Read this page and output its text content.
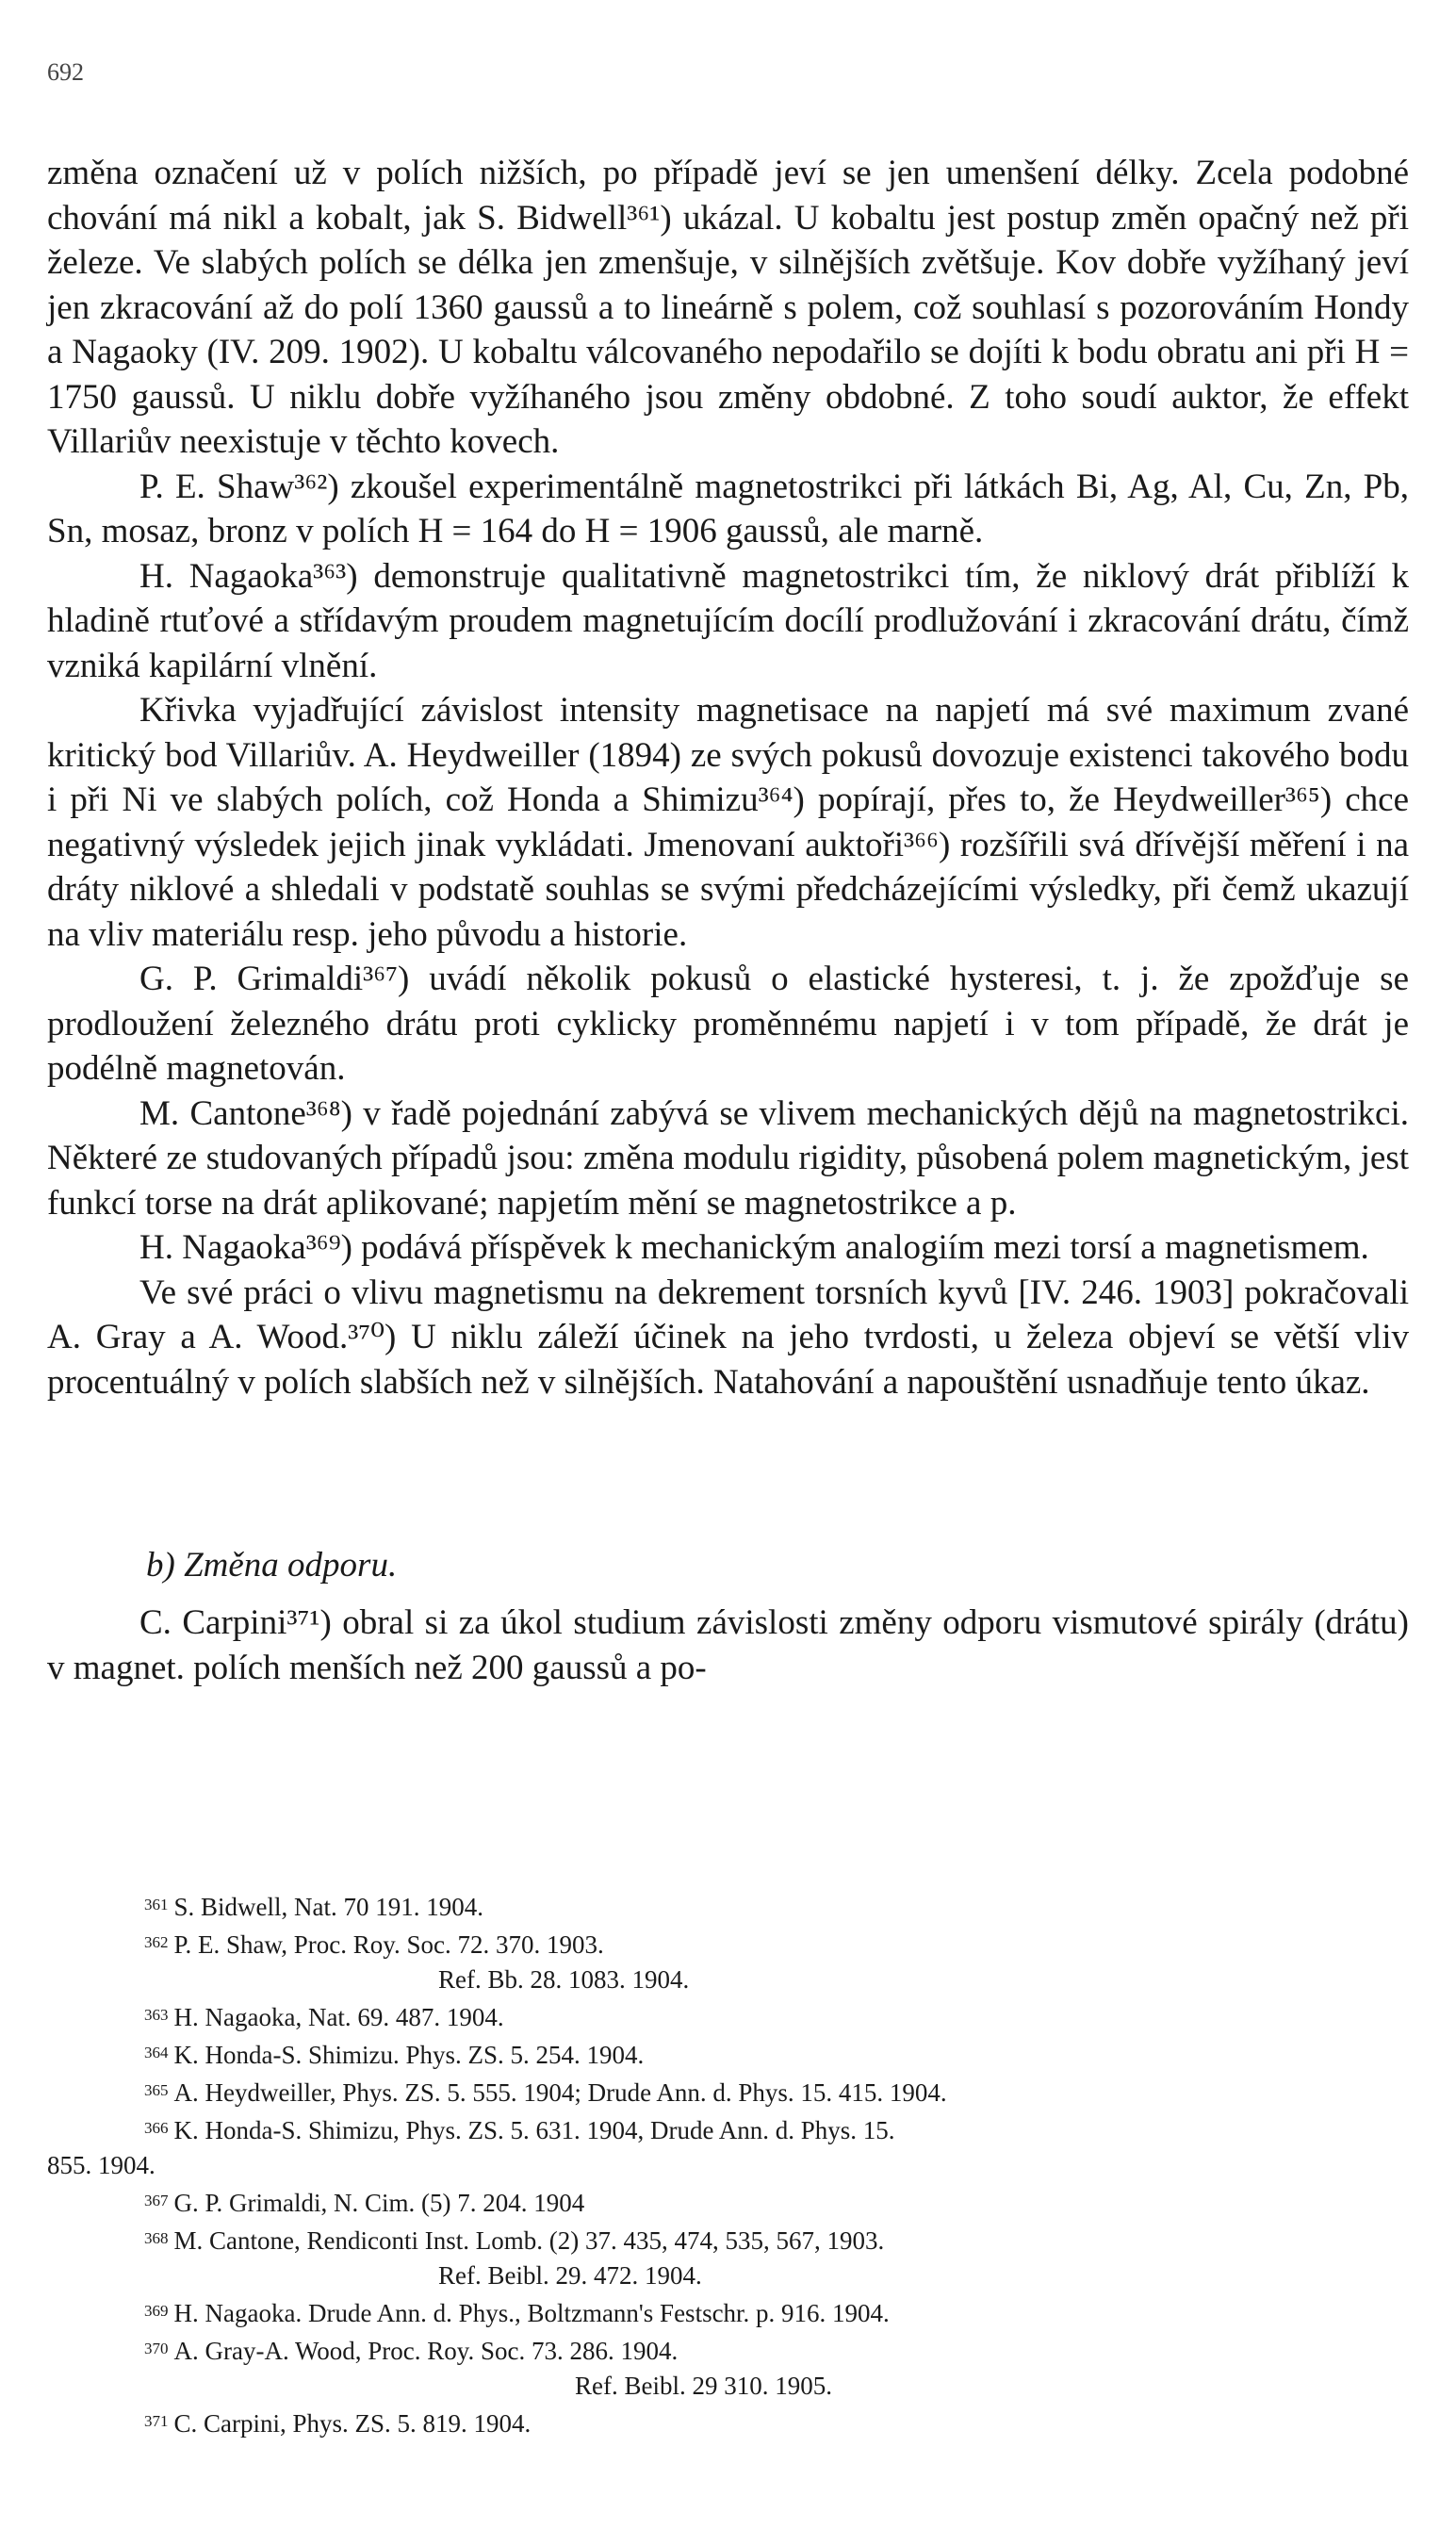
692

změna označení už v polích nižších, po případě jeví se jen umenšení délky. Zcela podobné chování má nikl a kobalt, jak S. Bidwell³⁶¹) ukázal. U kobaltu jest postup změn opačný než při železe. Ve slabých polích se délka jen zmenšuje, v silnějších zvětšuje. Kov dobře vyžíhaný jeví jen zkracování až do polí 1360 gaussů a to lineárně s polem, což souhlasí s pozorováním Hondy a Nagaoky (IV. 209. 1902). U kobaltu válcovaného nepodařilo se dojíti k bodu obratu ani při H = 1750 gaussů. U niklu dobře vyžíhaného jsou změny obdobné. Z toho soudí auktor, že effekt Villariův neexistuje v těchto kovech.

P. E. Shaw³⁶²) zkoušel experimentálně magnetostrikci při látkách Bi, Ag, Al, Cu, Zn, Pb, Sn, mosaz, bronz v polích H = 164 do H = 1906 gaussů, ale marně.

H. Nagaoka³⁶³) demonstruje qualitativně magnetostrikci tím, že niklový drát přiblíží k hladině rtuťové a střídavým proudem magnetujícím docílí prodlužování i zkracování drátu, čímž vzniká kapilární vlnění.

Křivka vyjadřující závislost intensity magnetisace na napjetí má své maximum zvané kritický bod Villariův. A. Heydweiller (1894) ze svých pokusů dovozuje existenci takového bodu i při Ni ve slabých polích, což Honda a Shimizu³⁶⁴) popírají, přes to, že Heydweiller³⁶⁵) chce negativný výsledek jejich jinak vykládati. Jmenovaní auktoři³⁶⁶) rozšířili svá dřívější měření i na dráty niklové a shledali v podstatě souhlas se svými předcházejícími výsledky, při čemž ukazují na vliv materiálu resp. jeho původu a historie.

G. P. Grimaldi³⁶⁷) uvádí několik pokusů o elastické hysteresi, t. j. že zpožďuje se prodloužení železného drátu proti cyklicky proměnnému napjetí i v tom případě, že drát je podélně magnetován.

M. Cantone³⁶⁸) v řadě pojednání zabývá se vlivem mechanických dějů na magnetostrikci. Některé ze studovaných případů jsou: změna modulu rigidity, působená polem magnetickým, jest funkcí torse na drát aplikované; napjetím mění se magnetostrikce a p.

H. Nagaoka³⁶⁹) podává příspěvek k mechanickým analogiím mezi torsí a magnetismem.

Ve své práci o vlivu magnetismu na dekrement torsních kyvů [IV. 246. 1903] pokračovali A. Gray a A. Wood.³⁷⁰) U niklu záleží účinek na jeho tvrdosti, u železa objeví se větší vliv procentuálný v polích slabších než v silnějších. Natahování a napouštění usnadňuje tento úkaz.

b) Změna odporu.

C. Carpini³⁷¹) obral si za úkol studium závislosti změny odporu vismutové spirály (drátu) v magnet. polích menších než 200 gaussů a po-

$^{361}$ S. Bidwell, Nat. 70 191. 1904.
$^{362}$ P. E. Shaw, Proc. Roy. Soc. 72. 370. 1903.
Ref. Bb. 28. 1083. 1904.
$^{363}$ H. Nagaoka, Nat. 69. 487. 1904.
$^{364}$ K. Honda-S. Shimizu. Phys. ZS. 5. 254. 1904.
$^{365}$ A. Heydweiller, Phys. ZS. 5. 555. 1904; Drude Ann. d. Phys. 15. 415. 1904.
$^{366}$ K. Honda-S. Shimizu, Phys. ZS. 5. 631. 1904, Drude Ann. d. Phys. 15.
855. 1904.
$^{367}$ G. P. Grimaldi, N. Cim. (5) 7. 204. 1904
$^{368}$ M. Cantone, Rendiconti Inst. Lomb. (2) 37. 435, 474, 535, 567, 1903.
Ref. Beibl. 29. 472. 1904.
$^{369}$ H. Nagaoka. Drude Ann. d. Phys., Boltzmann's Festschr. p. 916. 1904.
$^{370}$ A. Gray-A. Wood, Proc. Roy. Soc. 73. 286. 1904.
Ref. Beibl. 29 310. 1905.
$^{371}$ C. Carpini, Phys. ZS. 5. 819. 1904.
